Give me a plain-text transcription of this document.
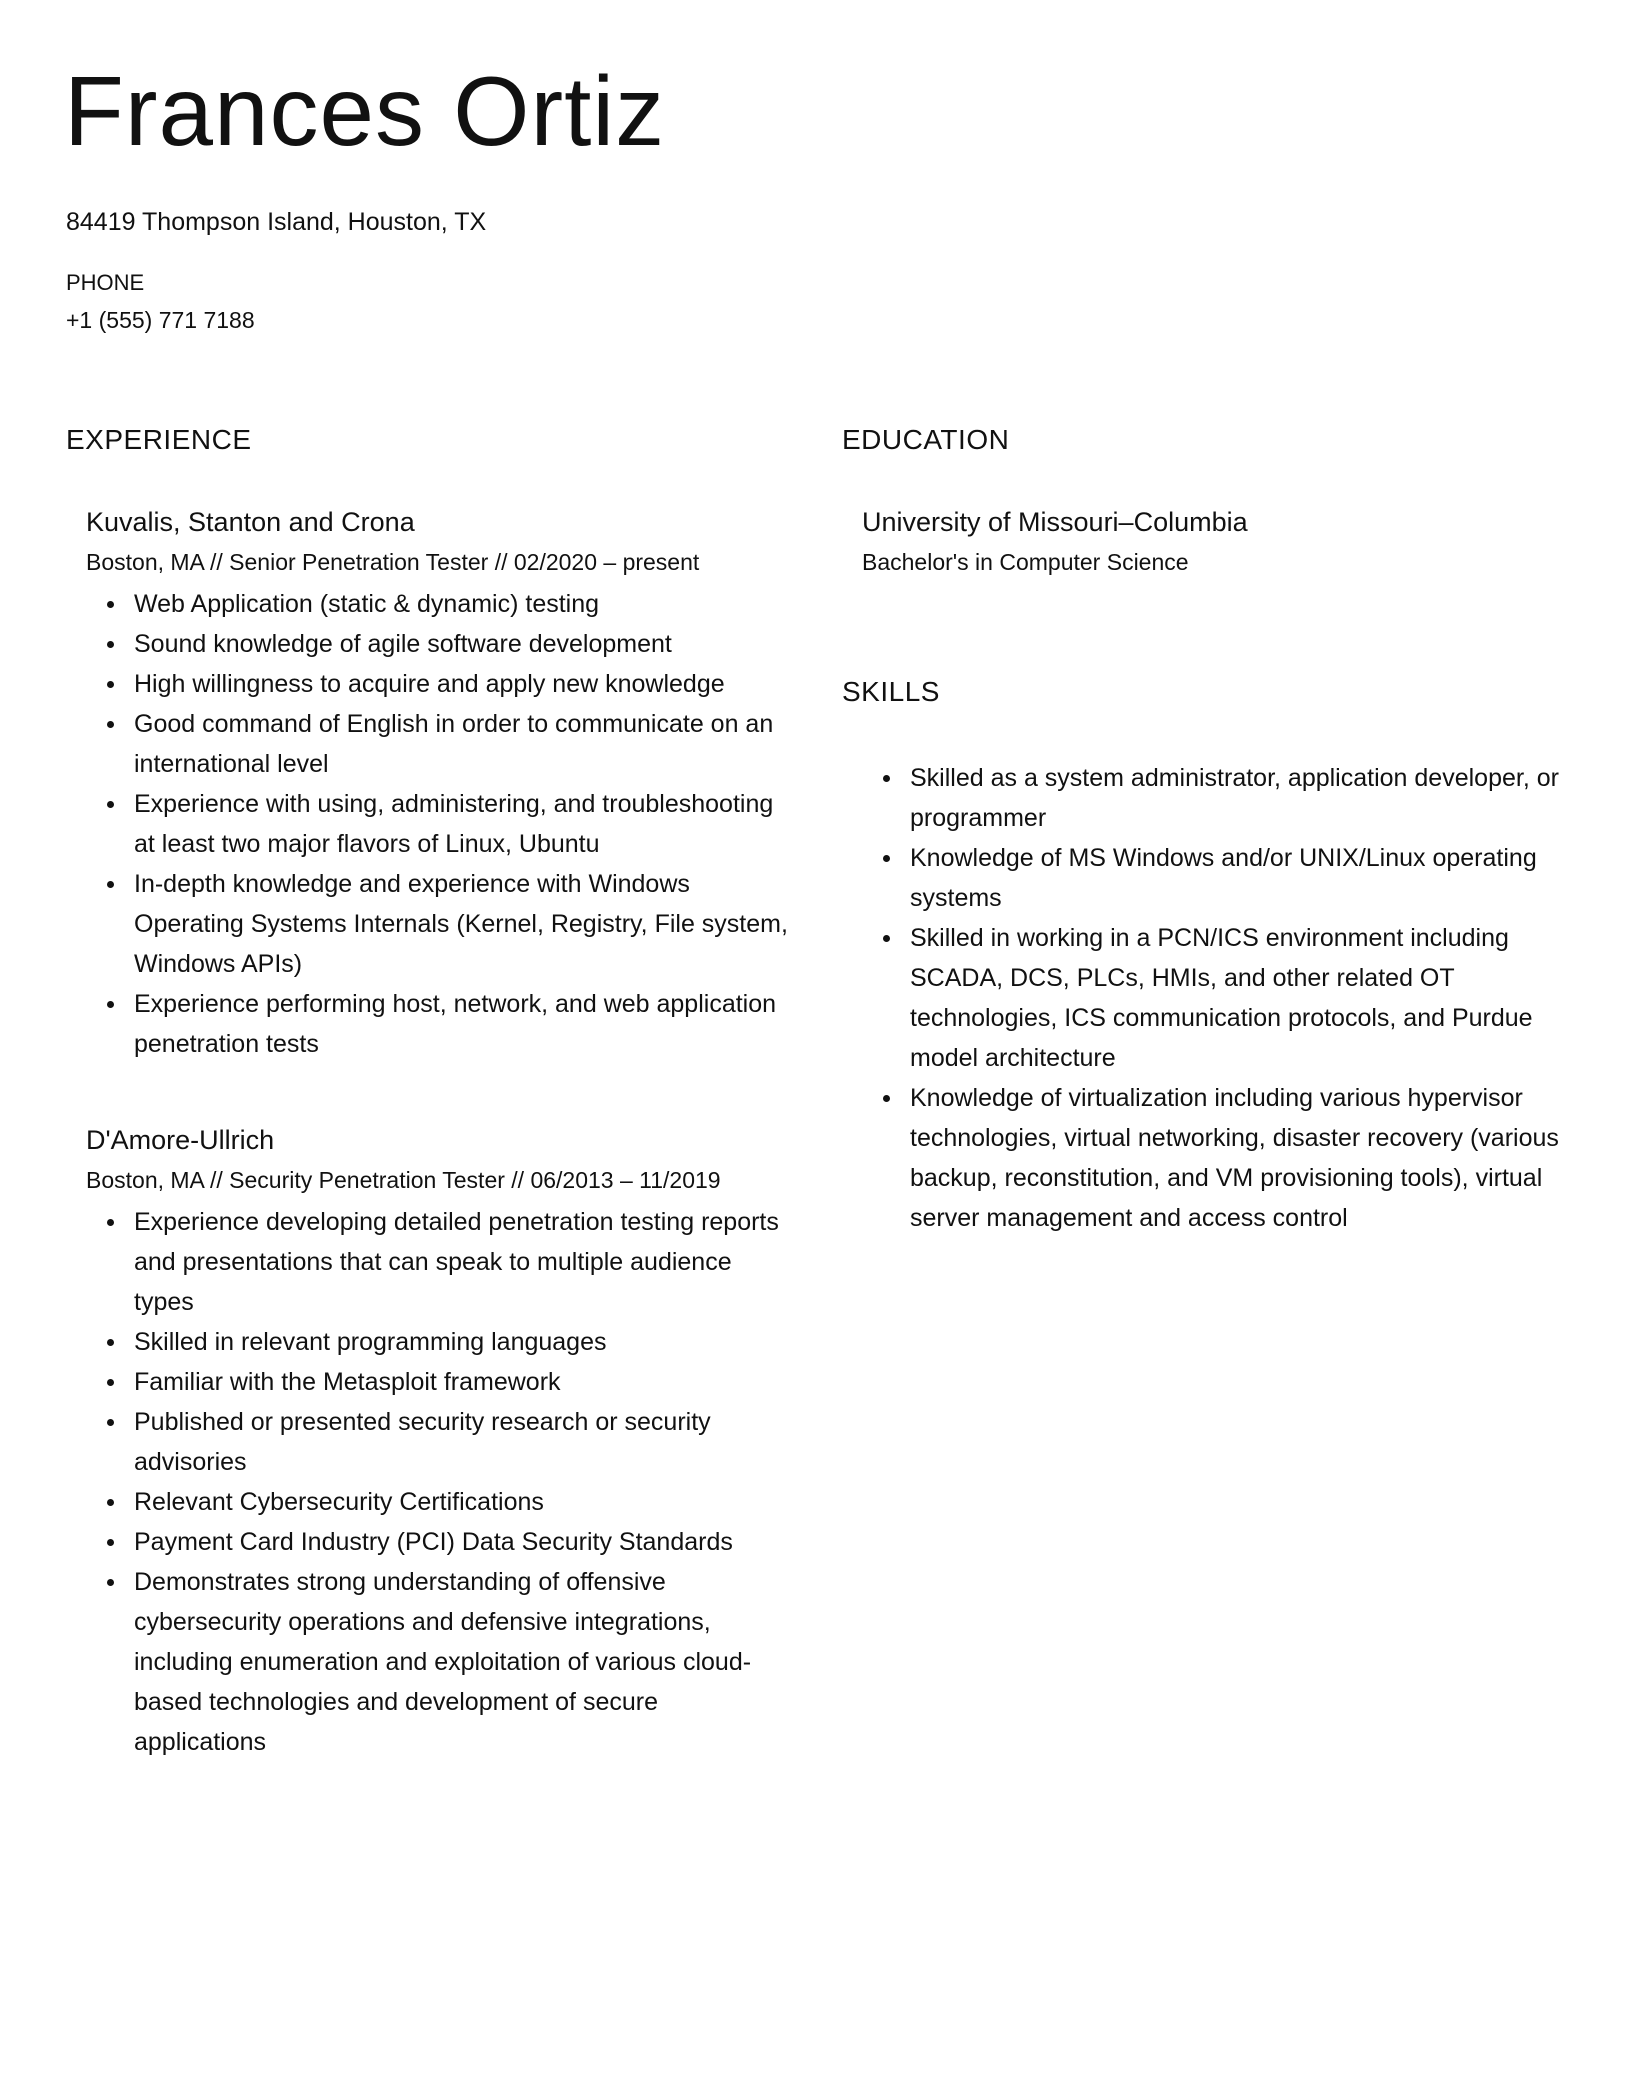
Frances Ortiz
84419 Thompson Island, Houston, TX
PHONE
+1 (555) 771 7188
EXPERIENCE
Kuvalis, Stanton and Crona
Boston, MA // Senior Penetration Tester // 02/2020 – present
Web Application (static & dynamic) testing
Sound knowledge of agile software development
High willingness to acquire and apply new knowledge
Good command of English in order to communicate on an international level
Experience with using, administering, and troubleshooting at least two major flavors of Linux, Ubuntu
In-depth knowledge and experience with Windows Operating Systems Internals (Kernel, Registry, File system, Windows APIs)
Experience performing host, network, and web application penetration tests
D'Amore-Ullrich
Boston, MA // Security Penetration Tester // 06/2013 – 11/2019
Experience developing detailed penetration testing reports and presentations that can speak to multiple audience types
Skilled in relevant programming languages
Familiar with the Metasploit framework
Published or presented security research or security advisories
Relevant Cybersecurity Certifications
Payment Card Industry (PCI) Data Security Standards
Demonstrates strong understanding of offensive cybersecurity operations and defensive integrations, including enumeration and exploitation of various cloud-based technologies and development of secure applications
EDUCATION
University of Missouri–Columbia
Bachelor's in Computer Science
SKILLS
Skilled as a system administrator, application developer, or programmer
Knowledge of MS Windows and/or UNIX/Linux operating systems
Skilled in working in a PCN/ICS environment including SCADA, DCS, PLCs, HMIs, and other related OT technologies, ICS communication protocols, and Purdue model architecture
Knowledge of virtualization including various hypervisor technologies, virtual networking, disaster recovery (various backup, reconstitution, and VM provisioning tools), virtual server management and access control
